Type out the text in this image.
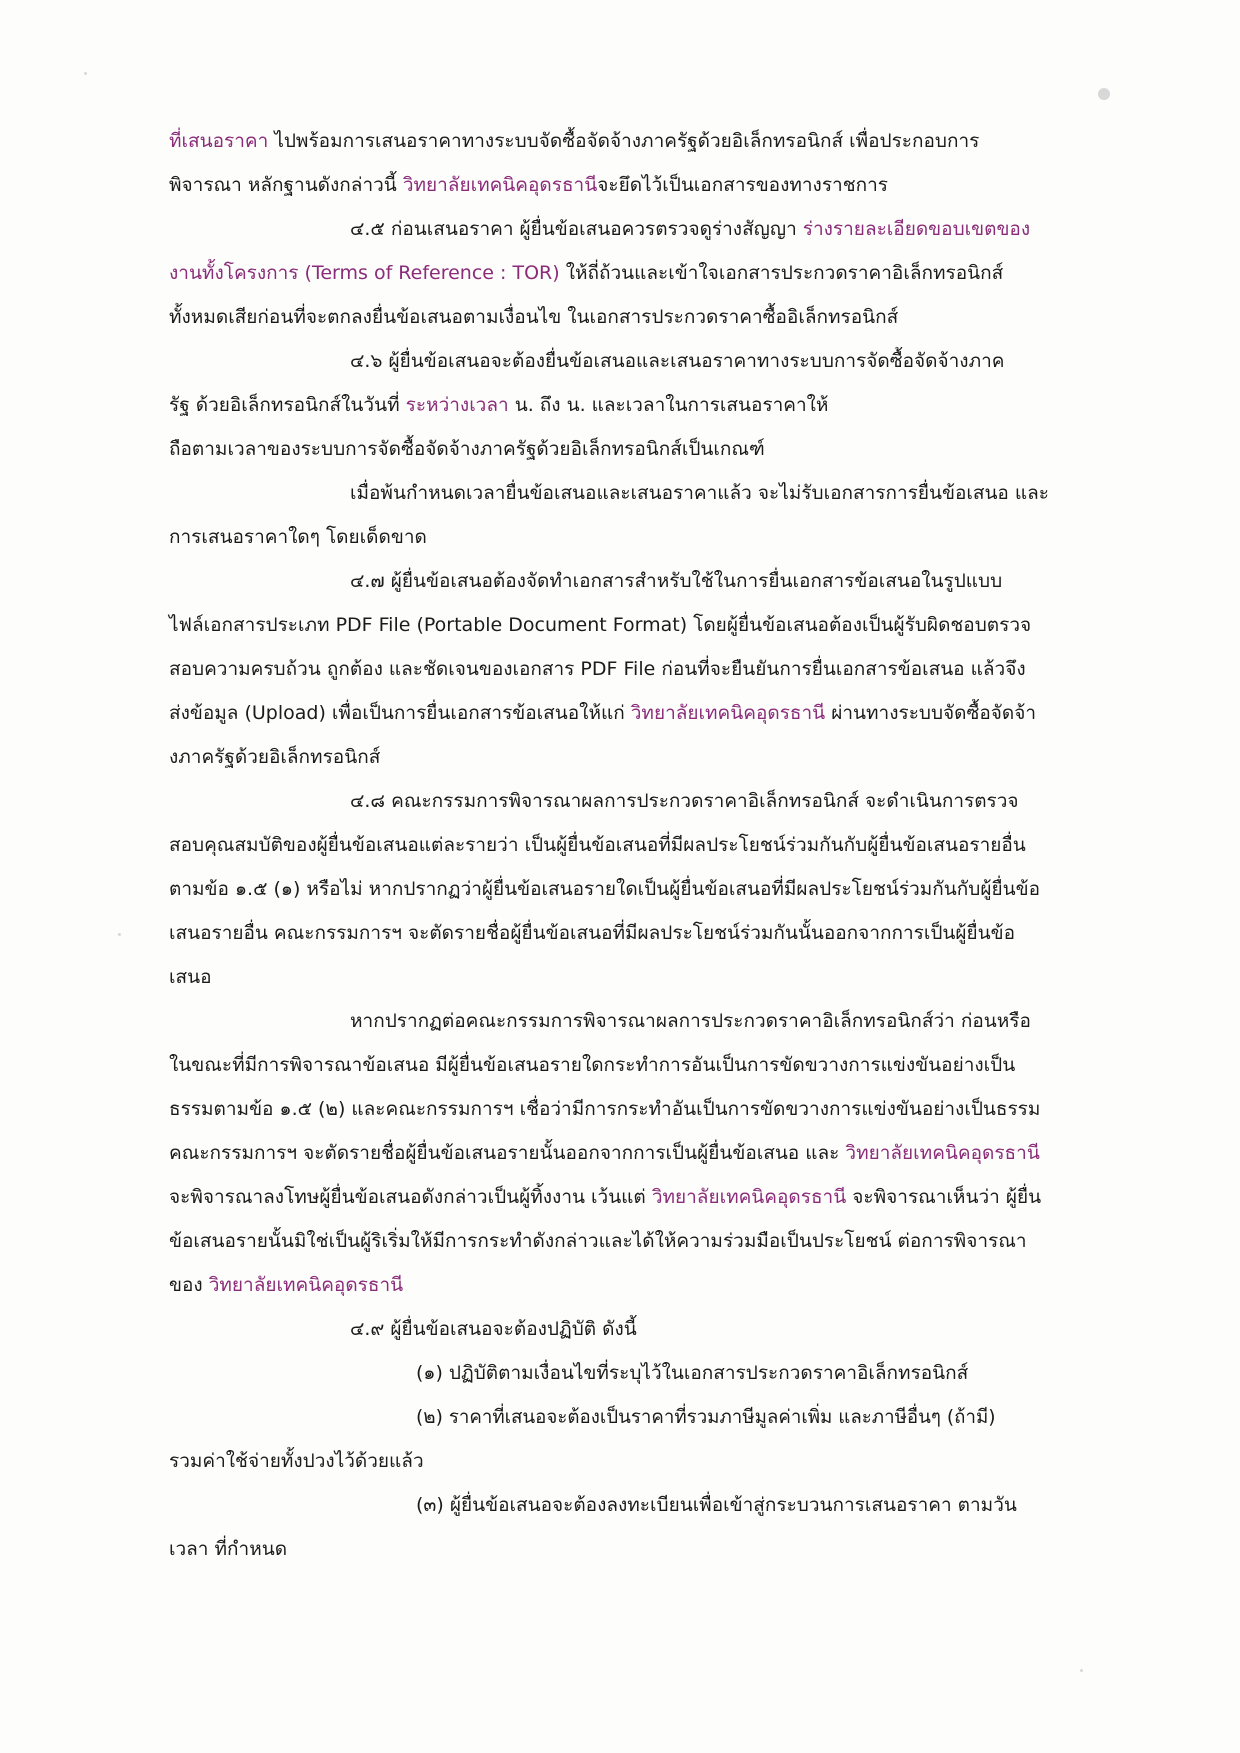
ที่เสนอราคา ไปพร้อมการเสนอราคาทางระบบจัดซื้อจัดจ้างภาครัฐด้วยอิเล็กทรอนิกส์ เพื่อประกอบการ
พิจารณา หลักฐานดังกล่าวนี้ วิทยาลัยเทคนิคอุดรธานีจะยึดไว้เป็นเอกสารของทางราชการ
๔.๕ ก่อนเสนอราคา ผู้ยื่นข้อเสนอควรตรวจดูร่างสัญญา ร่างรายละเอียดขอบเขตของ
งานทั้งโครงการ (Terms of Reference : TOR) ให้ถี่ถ้วนและเข้าใจเอกสารประกวดราคาอิเล็กทรอนิกส์
ทั้งหมดเสียก่อนที่จะตกลงยื่นข้อเสนอตามเงื่อนไข ในเอกสารประกวดราคาซื้ออิเล็กทรอนิกส์
๔.๖ ผู้ยื่นข้อเสนอจะต้องยื่นข้อเสนอและเสนอราคาทางระบบการจัดซื้อจัดจ้างภาค
รัฐ ด้วยอิเล็กทรอนิกส์ในวันที่ ระหว่างเวลา น. ถึง น. และเวลาในการเสนอราคาให้
ถือตามเวลาของระบบการจัดซื้อจัดจ้างภาครัฐด้วยอิเล็กทรอนิกส์เป็นเกณฑ์
เมื่อพ้นกำหนดเวลายื่นข้อเสนอและเสนอราคาแล้ว จะไม่รับเอกสารการยื่นข้อเสนอ และ
การเสนอราคาใดๆ โดยเด็ดขาด
๔.๗ ผู้ยื่นข้อเสนอต้องจัดทำเอกสารสำหรับใช้ในการยื่นเอกสารข้อเสนอในรูปแบบ
ไฟล์เอกสารประเภท PDF File (Portable Document Format) โดยผู้ยื่นข้อเสนอต้องเป็นผู้รับผิดชอบตรวจ
สอบความครบถ้วน ถูกต้อง และชัดเจนของเอกสาร PDF File ก่อนที่จะยืนยันการยื่นเอกสารข้อเสนอ แล้วจึง
ส่งข้อมูล (Upload) เพื่อเป็นการยื่นเอกสารข้อเสนอให้แก่ วิทยาลัยเทคนิคอุดรธานี ผ่านทางระบบจัดซื้อจัดจ้า
งภาครัฐด้วยอิเล็กทรอนิกส์
๔.๘ คณะกรรมการพิจารณาผลการประกวดราคาอิเล็กทรอนิกส์ จะดำเนินการตรวจ
สอบคุณสมบัติของผู้ยื่นข้อเสนอแต่ละรายว่า เป็นผู้ยื่นข้อเสนอที่มีผลประโยชน์ร่วมกันกับผู้ยื่นข้อเสนอรายอื่น
ตามข้อ ๑.๕ (๑) หรือไม่ หากปรากฏว่าผู้ยื่นข้อเสนอรายใดเป็นผู้ยื่นข้อเสนอที่มีผลประโยชน์ร่วมกันกับผู้ยื่นข้อ
เสนอรายอื่น คณะกรรมการฯ จะตัดรายชื่อผู้ยื่นข้อเสนอที่มีผลประโยชน์ร่วมกันนั้นออกจากการเป็นผู้ยื่นข้อ
เสนอ
หากปรากฏต่อคณะกรรมการพิจารณาผลการประกวดราคาอิเล็กทรอนิกส์ว่า ก่อนหรือ
ในขณะที่มีการพิจารณาข้อเสนอ มีผู้ยื่นข้อเสนอรายใดกระทำการอันเป็นการขัดขวางการแข่งขันอย่างเป็น
ธรรมตามข้อ ๑.๕ (๒) และคณะกรรมการฯ เชื่อว่ามีการกระทำอันเป็นการขัดขวางการแข่งขันอย่างเป็นธรรม
คณะกรรมการฯ จะตัดรายชื่อผู้ยื่นข้อเสนอรายนั้นออกจากการเป็นผู้ยื่นข้อเสนอ และ วิทยาลัยเทคนิคอุดรธานี
จะพิจารณาลงโทษผู้ยื่นข้อเสนอดังกล่าวเป็นผู้ทิ้งงาน เว้นแต่ วิทยาลัยเทคนิคอุดรธานี จะพิจารณาเห็นว่า ผู้ยื่น
ข้อเสนอรายนั้นมิใช่เป็นผู้ริเริ่มให้มีการกระทำดังกล่าวและได้ให้ความร่วมมือเป็นประโยชน์ ต่อการพิจารณา
ของ วิทยาลัยเทคนิคอุดรธานี
๔.๙ ผู้ยื่นข้อเสนอจะต้องปฏิบัติ ดังนี้
(๑) ปฏิบัติตามเงื่อนไขที่ระบุไว้ในเอกสารประกวดราคาอิเล็กทรอนิกส์
(๒) ราคาที่เสนอจะต้องเป็นราคาที่รวมภาษีมูลค่าเพิ่ม และภาษีอื่นๆ (ถ้ามี)
รวมค่าใช้จ่ายทั้งปวงไว้ด้วยแล้ว
(๓) ผู้ยื่นข้อเสนอจะต้องลงทะเบียนเพื่อเข้าสู่กระบวนการเสนอราคา ตามวัน
เวลา ที่กำหนด
